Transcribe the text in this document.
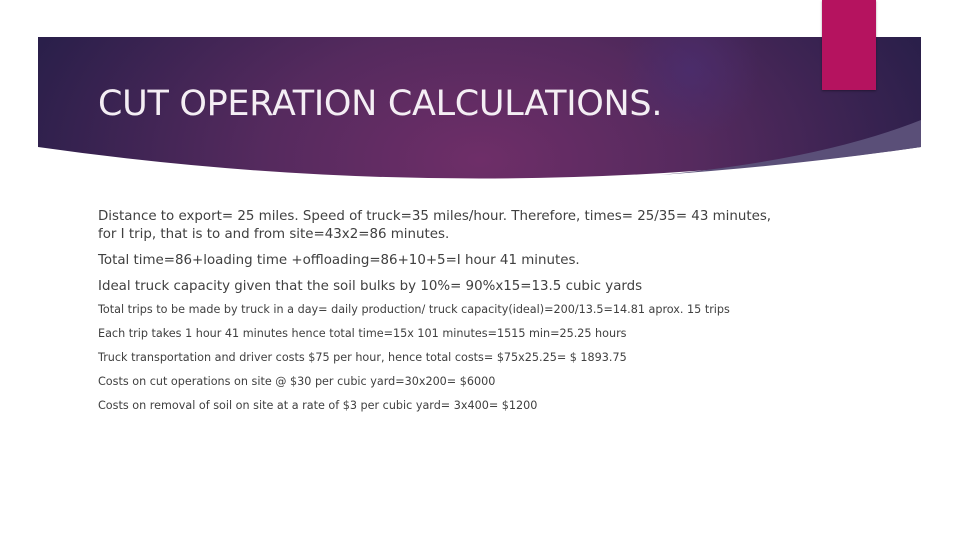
CUT OPERATION CALCULATIONS.

Distance to export= 25 miles. Speed of truck=35 miles/hour. Therefore, times= 25/35= 43 minutes, for I trip, that is to and from site=43x2=86 minutes.

Total time=86+loading time +offloading=86+10+5=I hour 41 minutes.

Ideal truck capacity given that the soil bulks by 10%= 90%x15=13.5 cubic yards

Total trips to be made by truck in a day= daily production/ truck capacity(ideal)=200/13.5=14.81 aprox. 15 trips

Each trip takes 1 hour 41 minutes hence total time=15x 101 minutes=1515 min=25.25 hours

Truck transportation and driver costs $75 per hour, hence total costs= $75x25.25= $ 1893.75

Costs on cut operations on site @ $30 per cubic yard=30x200= $6000

Costs on removal of soil on site at a rate of $3 per cubic yard= 3x400= $1200
